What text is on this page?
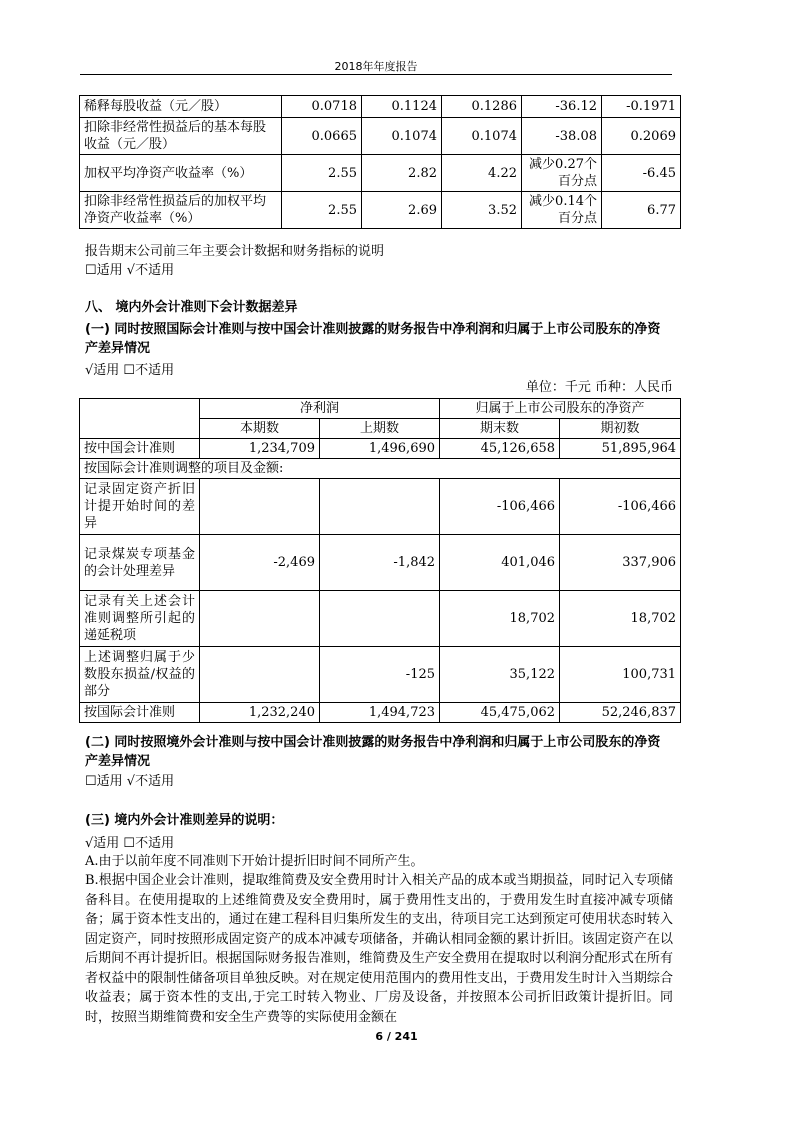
2018年年度报告
稀释每股收益（元／股）	0.0718	0.1124	0.1286	-36.12	-0.1971
扣除非经常性损益后的基本每股收益（元／股）	0.0665	0.1074	0.1074	-38.08	0.2069
加权平均净资产收益率（%）	2.55	2.82	4.22	减少0.27个百分点	-6.45
扣除非经常性损益后的加权平均净资产收益率（%）	2.55	2.69	3.52	减少0.14个百分点	6.77
报告期末公司前三年主要会计数据和财务指标的说明
☐适用 √不适用
八、 境内外会计准则下会计数据差异
(一) 同时按照国际会计准则与按中国会计准则披露的财务报告中净利润和归属于上市公司股东的净资产差异情况
√适用 ☐不适用
单位：千元 币种：人民币
	净利润		归属于上市公司股东的净资产	
	本期数	上期数	期末数	期初数
按中国会计准则	1,234,709	1,496,690	45,126,658	51,895,964
按国际会计准则调整的项目及金额:				
记录固定资产折旧计提开始时间的差异			-106,466	-106,466
记录煤炭专项基金的会计处理差异	-2,469	-1,842	401,046	337,906
记录有关上述会计准则调整所引起的递延税项			18,702	18,702
上述调整归属于少数股东损益/权益的部分		-125	35,122	100,731
按国际会计准则	1,232,240	1,494,723	45,475,062	52,246,837
(二) 同时按照境外会计准则与按中国会计准则披露的财务报告中净利润和归属于上市公司股东的净资产差异情况
☐适用 √不适用
(三) 境内外会计准则差异的说明：
√适用 ☐不适用
A.由于以前年度不同准则下开始计提折旧时间不同所产生。
B.根据中国企业会计准则，提取维简费及安全费用时计入相关产品的成本或当期损益，同时记入专项储备科目。在使用提取的上述维简费及安全费用时，属于费用性支出的，于费用发生时直接冲减专项储备；属于资本性支出的，通过在建工程科目归集所发生的支出，待项目完工达到预定可使用状态时转入固定资产，同时按照形成固定资产的成本冲减专项储备，并确认相同金额的累计折旧。该固定资产在以后期间不再计提折旧。根据国际财务报告准则，维简费及生产安全费用在提取时以利润分配形式在所有者权益中的限制性储备项目单独反映。对在规定使用范围内的费用性支出，于费用发生时计入当期综合收益表；属于资本性的支出,于完工时转入物业、厂房及设备，并按照本公司折旧政策计提折旧。同时，按照当期维简费和安全生产费等的实际使用金额在
6 / 241
